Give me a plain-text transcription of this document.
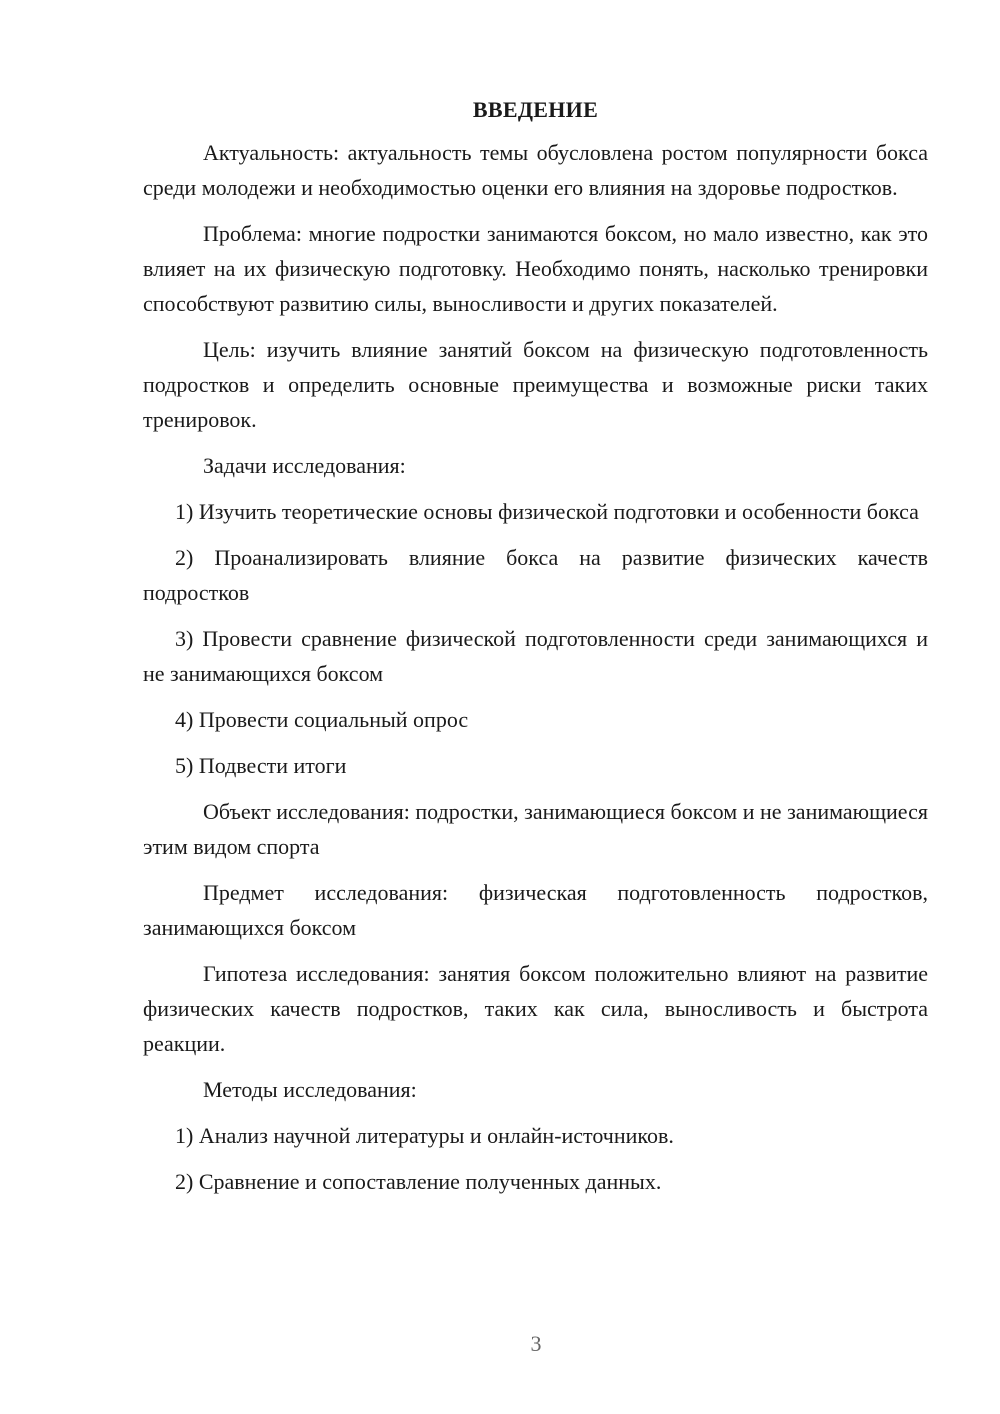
ВВЕДЕНИЕ

Актуальность: актуальность темы обусловлена ростом популярности бокса среди молодежи и необходимостью оценки его влияния на здоровье подростков.

Проблема: многие подростки занимаются боксом, но мало известно, как это влияет на их физическую подготовку. Необходимо понять, насколько тренировки способствуют развитию силы, выносливости и других показателей.

Цель: изучить влияние занятий боксом на физическую подготовленность подростков и определить основные преимущества и возможные риски таких тренировок.

Задачи исследования:

1) Изучить теоретические основы физической подготовки и особенности бокса

2) Проанализировать влияние бокса на развитие физических качеств подростков

3) Провести сравнение физической подготовленности среди занимающихся и не занимающихся боксом

4) Провести социальный опрос

5) Подвести итоги

Объект исследования: подростки, занимающиеся боксом и не занимающиеся этим видом спорта

Предмет исследования: физическая подготовленность подростков, занимающихся боксом

Гипотеза исследования: занятия боксом положительно влияют на развитие физических качеств подростков, таких как сила, выносливость и быстрота реакции.

Методы исследования:

1) Анализ научной литературы и онлайн-источников.

2) Сравнение и сопоставление полученных данных.

3
